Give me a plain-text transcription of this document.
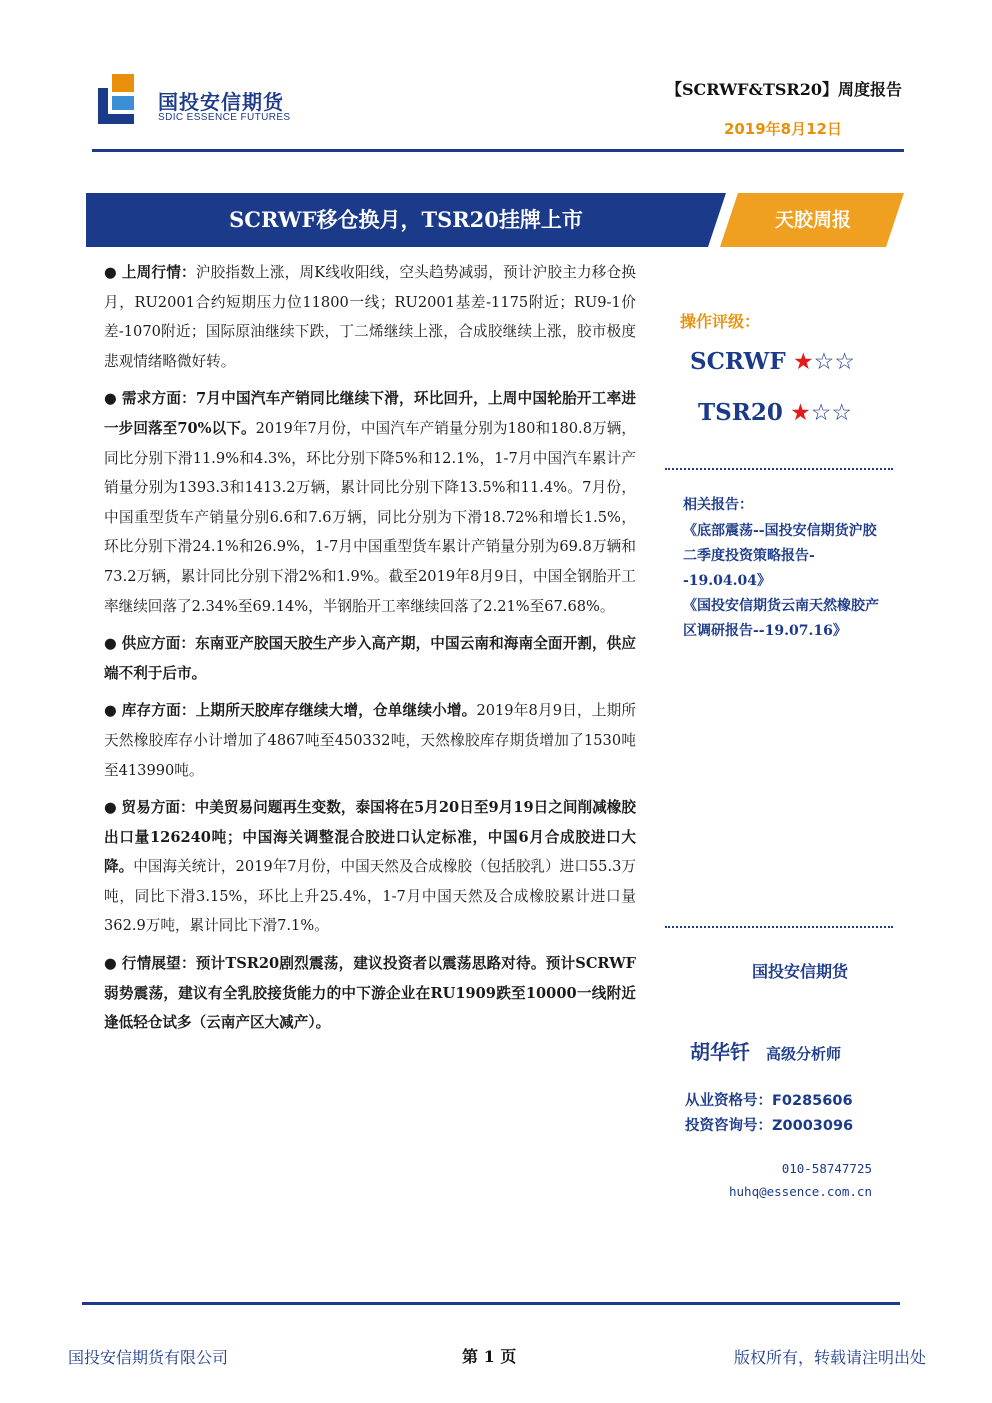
国投安信期货
SDIC ESSENCE FUTURES
【SCRWF&TSR20】周度报告
2019年8月12日
SCRWF移仓换月，TSR20挂牌上市	天胶周报

● 上周行情：沪胶指数上涨，周K线收阳线，空头趋势减弱，预计沪胶主力移仓换月，RU2001合约短期压力位11800一线；RU2001基差-1175附近；RU9-1价差-1070附近；国际原油继续下跌，丁二烯继续上涨，合成胶继续上涨，胶市极度悲观情绪略微好转。

● 需求方面：7月中国汽车产销同比继续下滑，环比回升，上周中国轮胎开工率进一步回落至70%以下。2019年7月份，中国汽车产销量分别为180和180.8万辆，同比分别下滑11.9%和4.3%，环比分别下降5%和12.1%，1-7月中国汽车累计产销量分别为1393.3和1413.2万辆，累计同比分别下降13.5%和11.4%。7月份，中国重型货车产销量分别6.6和7.6万辆，同比分别为下滑18.72%和增长1.5%，环比分别下滑24.1%和26.9%，1-7月中国重型货车累计产销量分别为69.8万辆和73.2万辆，累计同比分别下滑2%和1.9%。截至2019年8月9日，中国全钢胎开工率继续回落了2.34%至69.14%，半钢胎开工率继续回落了2.21%至67.68%。

● 供应方面：东南亚产胶国天胶生产步入高产期，中国云南和海南全面开割，供应端不利于后市。

● 库存方面：上期所天胶库存继续大增，仓单继续小增。2019年8月9日，上期所天然橡胶库存小计增加了4867吨至450332吨，天然橡胶库存期货增加了1530吨至413990吨。

● 贸易方面：中美贸易问题再生变数，泰国将在5月20日至9月19日之间削减橡胶出口量126240吨；中国海关调整混合胶进口认定标准，中国6月合成胶进口大降。中国海关统计，2019年7月份，中国天然及合成橡胶（包括胶乳）进口55.3万吨，同比下滑3.15%，环比上升25.4%，1-7月中国天然及合成橡胶累计进口量362.9万吨，累计同比下滑7.1%。

● 行情展望：预计TSR20剧烈震荡，建议投资者以震荡思路对待。预计SCRWF弱势震荡，建议有全乳胶接货能力的中下游企业在RU1909跌至10000一线附近逢低轻仓试多（云南产区大减产）。

操作评级：
SCRWF ★☆☆
TSR20 ★☆☆
相关报告：
《底部震荡--国投安信期货沪胶二季度投资策略报告--19.04.04》
《国投安信期货云南天然橡胶产区调研报告--19.07.16》
国投安信期货
胡华钎 高级分析师
从业资格号：F0285606
投资咨询号：Z0003096
010-58747725
huhq@essence.com.cn
国投安信期货有限公司	第 1 页	版权所有，转载请注明出处
